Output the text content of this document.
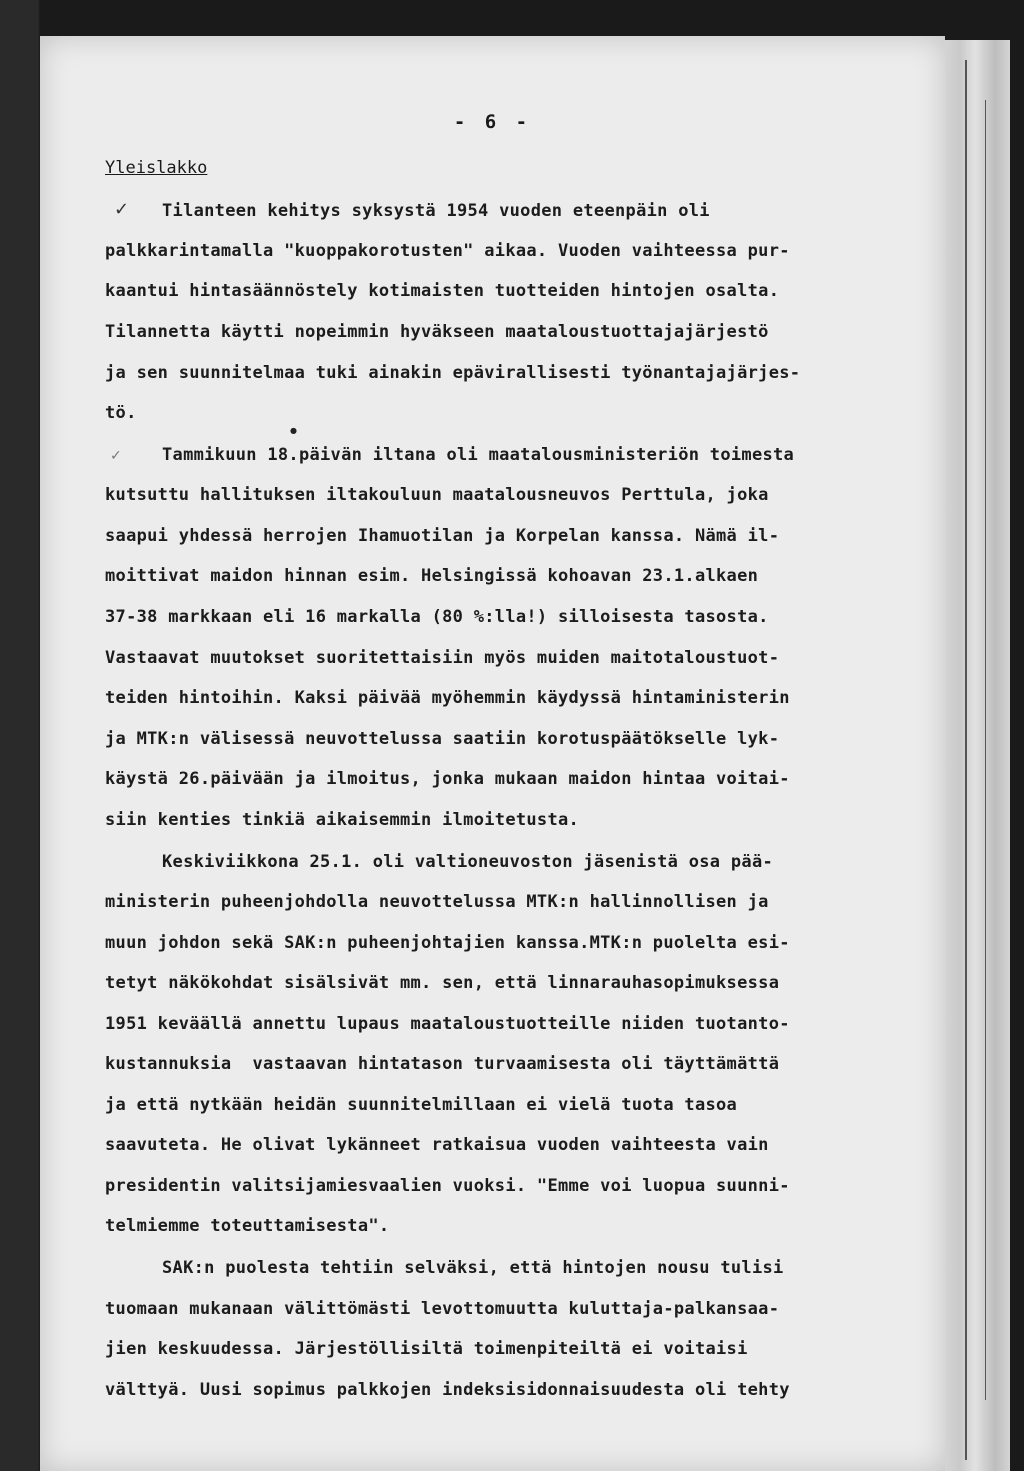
- 6 -
Yleislakko
✓
✓
Tilanteen kehitys syksystä 1954 vuoden eteenpäin oli
palkkarintamalla "kuoppakorotusten" aikaa. Vuoden vaihteessa pur-
kaantui hintasäännöstely kotimaisten tuotteiden hintojen osalta.
Tilannetta käytti nopeimmin hyväkseen maataloustuottajajärjestö
ja sen suunnitelmaa tuki ainakin epävirallisesti työnantajajärjes-
tö.
Tammikuun 18.päivän iltana oli maatalousministeriön toimesta
kutsuttu hallituksen iltakouluun maatalousneuvos Perttula, joka
saapui yhdessä herrojen Ihamuotilan ja Korpelan kanssa. Nämä il-
moittivat maidon hinnan esim. Helsingissä kohoavan 23.1.alkaen
37-38 markkaan eli 16 markalla (80 %:lla!) silloisesta tasosta.
Vastaavat muutokset suoritettaisiin myös muiden maitotaloustuot-
teiden hintoihin. Kaksi päivää myöhemmin käydyssä hintaministerin
ja MTK:n välisessä neuvottelussa saatiin korotuspäätökselle lyk-
käystä 26.päivään ja ilmoitus, jonka mukaan maidon hintaa voitai-
siin kenties tinkiä aikaisemmin ilmoitetusta.
Keskiviikkona 25.1. oli valtioneuvoston jäsenistä osa pää-
ministerin puheenjohdolla neuvottelussa MTK:n hallinnollisen ja
muun johdon sekä SAK:n puheenjohtajien kanssa.MTK:n puolelta esi-
tetyt näkökohdat sisälsivät mm. sen, että linnarauhasopimuksessa
1951 keväällä annettu lupaus maataloustuotteille niiden tuotanto-
kustannuksia  vastaavan hintatason turvaamisesta oli täyttämättä
ja että nytkään heidän suunnitelmillaan ei vielä tuota tasoa
saavuteta. He olivat lykänneet ratkaisua vuoden vaihteesta vain
presidentin valitsijamiesvaalien vuoksi. "Emme voi luopua suunni-
telmiemme toteuttamisesta".
SAK:n puolesta tehtiin selväksi, että hintojen nousu tulisi
tuomaan mukanaan välittömästi levottomuutta kuluttaja-palkansaa-
jien keskuudessa. Järjestöllisiltä toimenpiteiltä ei voitaisi
välttyä. Uusi sopimus palkkojen indeksisidonnaisuudesta oli tehty
●
